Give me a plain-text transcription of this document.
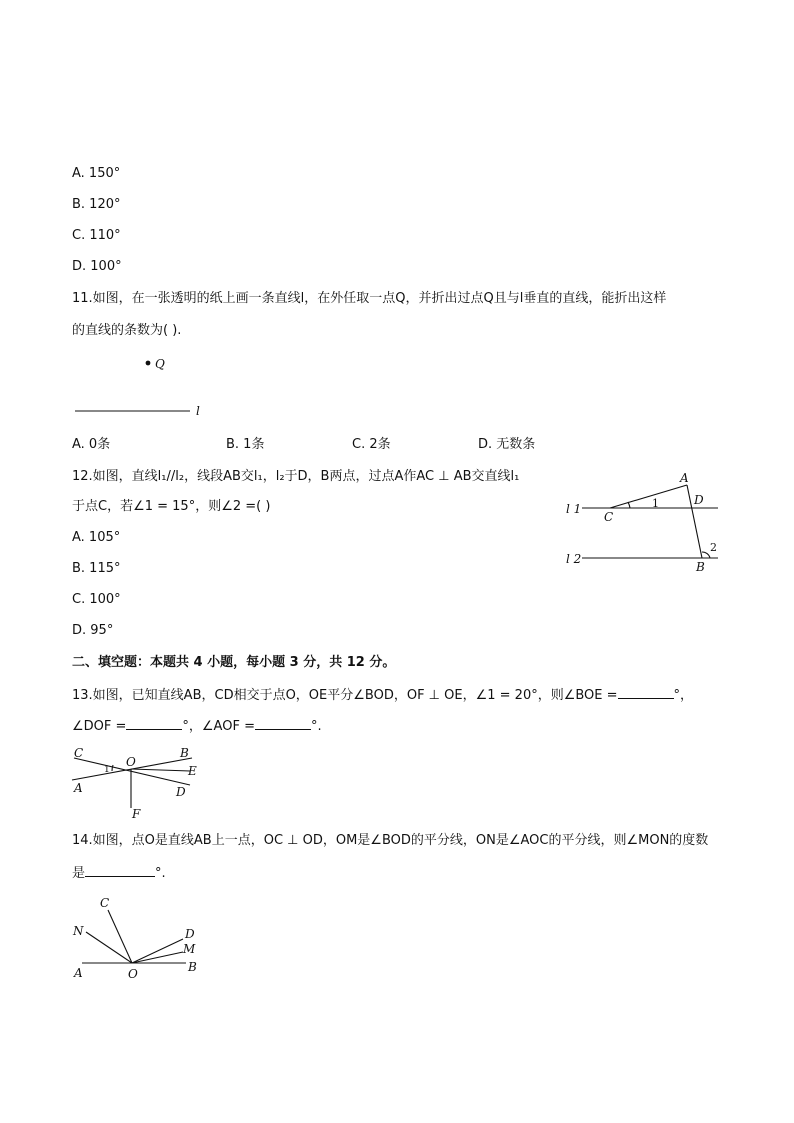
A. 150°
B. 120°
C. 110°
D. 100°
11.如图，在一张透明的纸上画一条直线l，在外任取一点Q，并折出过点Q且与l垂直的直线，能折出这样
的直线的条数为( ).
Q
l
A. 0条	B. 1条	C. 2条	D. 无数条
12.如图，直线l₁//l₂，线段AB交l₁，l₂于D，B两点，过点A作AC ⊥ AB交直线l₁
于点C，若∠1 = 15°，则∠2 =( )
A. 105°
B. 115°
C. 100°
D. 95°
A
D
C
1
2
B
l 1
l 2
二、填空题：本题共 4 小题，每小题 3 分，共 12 分。
13.如图，已知直线AB，CD相交于点O，OE平分∠BOD，OF ⊥ OE，∠1 = 20°，则∠BOE =	°，
∠DOF =	°，∠AOF =	°.
C	B
O
E
A	D
1
F
14.如图，点O是直线AB上一点，OC ⊥ OD，OM是∠BOD的平分线，ON是∠AOC的平分线，则∠MON的度数
是	°.
C
N	D
M
A	O	B
